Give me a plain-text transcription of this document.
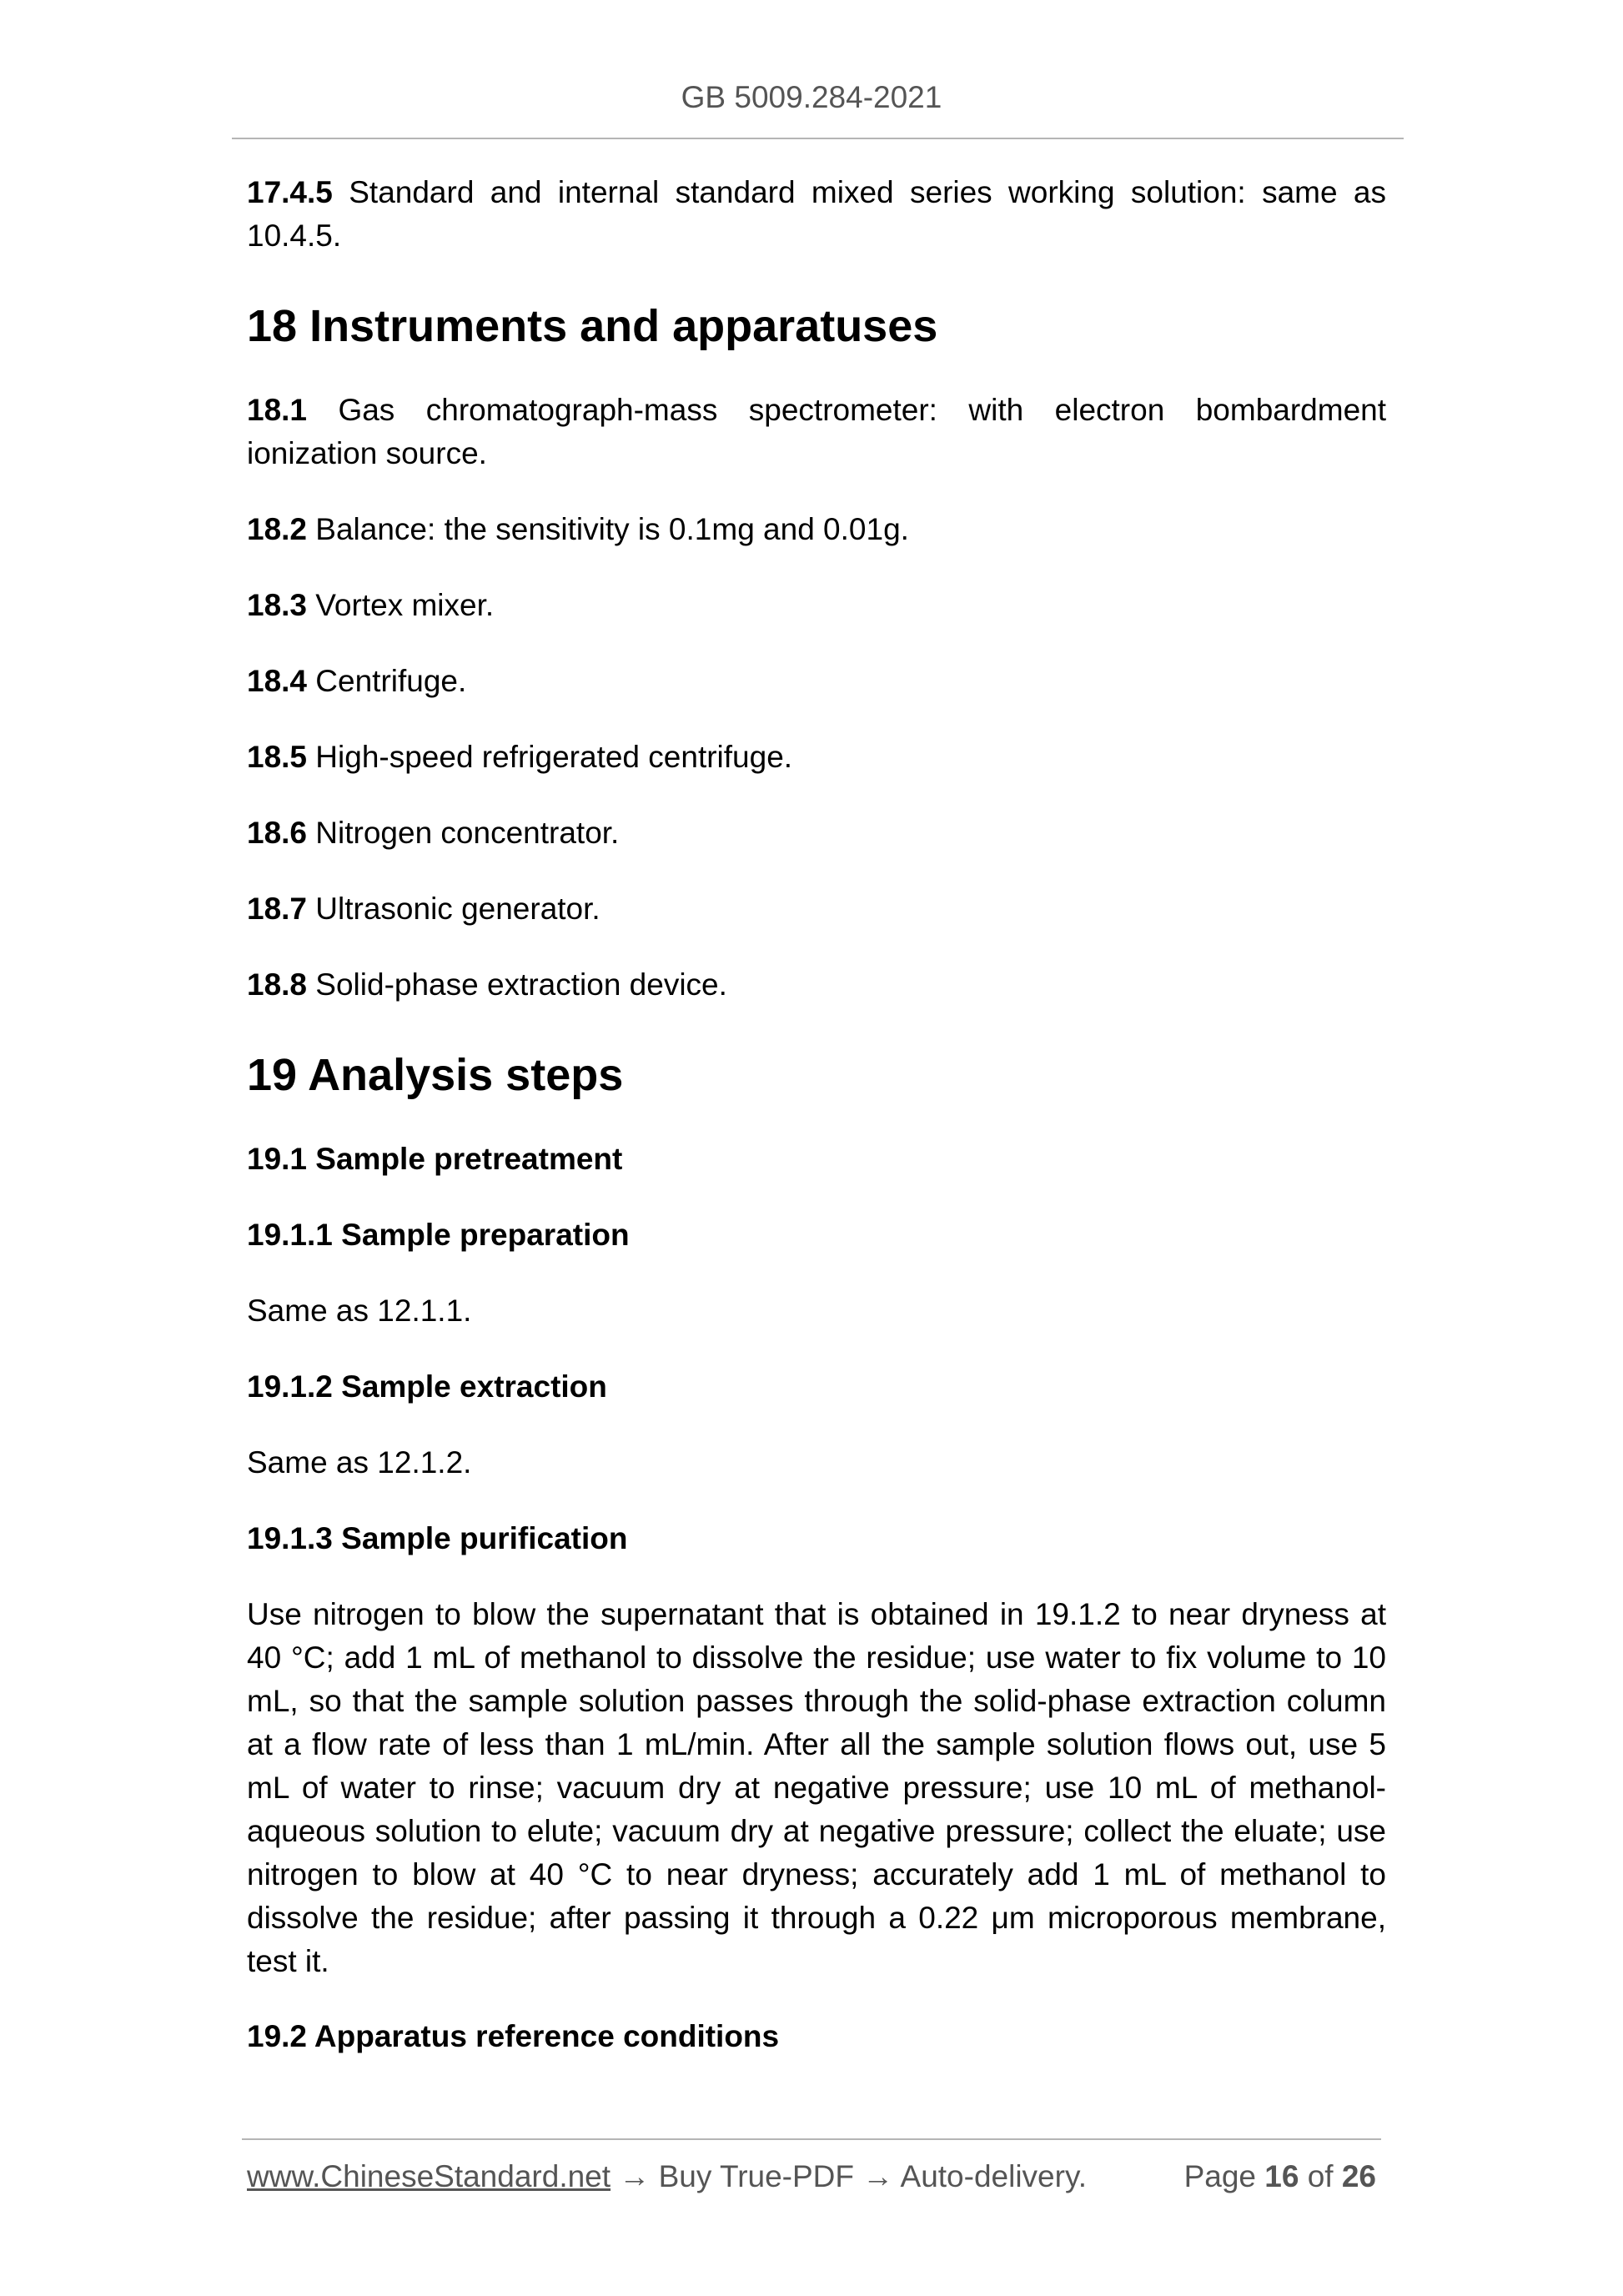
GB 5009.284-2021

17.4.5 Standard and internal standard mixed series working solution: same as 10.4.5.

18 Instruments and apparatuses

18.1 Gas chromatograph-mass spectrometer: with electron bombardment ionization source.

18.2 Balance: the sensitivity is 0.1mg and 0.01g.

18.3 Vortex mixer.

18.4 Centrifuge.

18.5 High-speed refrigerated centrifuge.

18.6 Nitrogen concentrator.

18.7 Ultrasonic generator.

18.8 Solid-phase extraction device.

19 Analysis steps
19.1 Sample pretreatment
19.1.1 Sample preparation

Same as 12.1.1.

19.1.2 Sample extraction

Same as 12.1.2.

19.1.3 Sample purification

Use nitrogen to blow the supernatant that is obtained in 19.1.2 to near dryness at 40 °C; add 1 mL of methanol to dissolve the residue; use water to fix volume to 10 mL, so that the sample solution passes through the solid-phase extraction column at a flow rate of less than 1 mL/min. After all the sample solution flows out, use 5 mL of water to rinse; vacuum dry at negative pressure; use 10 mL of methanol-aqueous solution to elute; vacuum dry at negative pressure; collect the eluate; use nitrogen to blow at 40 °C to near dryness; accurately add 1 mL of methanol to dissolve the residue; after passing it through a 0.22 μm microporous membrane, test it.

19.2 Apparatus reference conditions
www.ChineseStandard.net → Buy True-PDF → Auto-delivery.	Page 16 of 26
